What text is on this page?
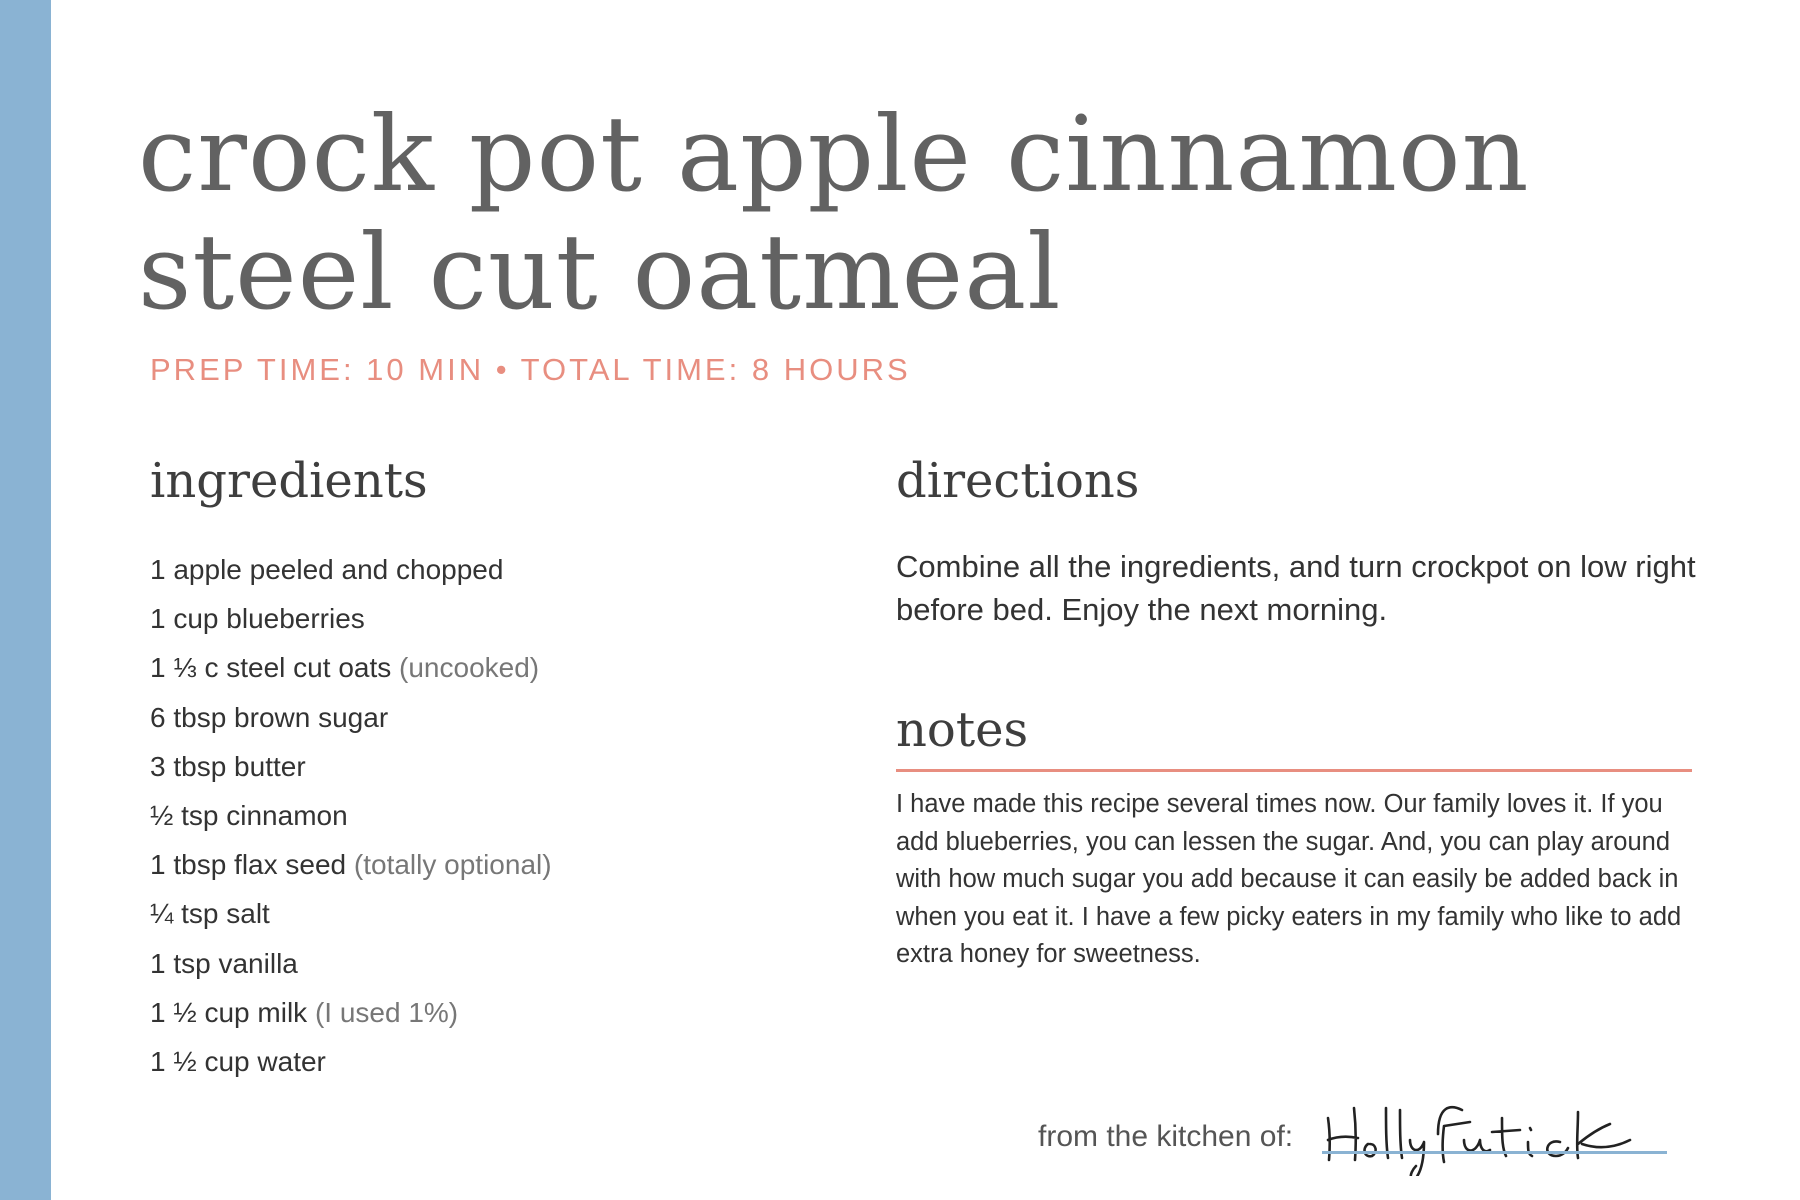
crock pot apple cinnamon
steel cut oatmeal
PREP TIME: 10 MIN • TOTAL TIME: 8 HOURS
ingredients
1 apple peeled and chopped
1 cup blueberries
1 ⅓ c steel cut oats (uncooked)
6 tbsp brown sugar
3 tbsp butter
½ tsp cinnamon
1 tbsp flax seed (totally optional)
¼ tsp salt
1 tsp vanilla
1 ½ cup milk (I used 1%)
1 ½ cup water
directions

Combine all the ingredients, and turn crockpot on low right before bed. Enjoy the next morning.

notes

I have made this recipe several times now. Our family loves it. If you add blueberries, you can lessen the sugar. And, you can play around with how much sugar you add because it can easily be added back in when you eat it. I have a few picky eaters in my family who like to add extra honey for sweetness.

from the kitchen of:
